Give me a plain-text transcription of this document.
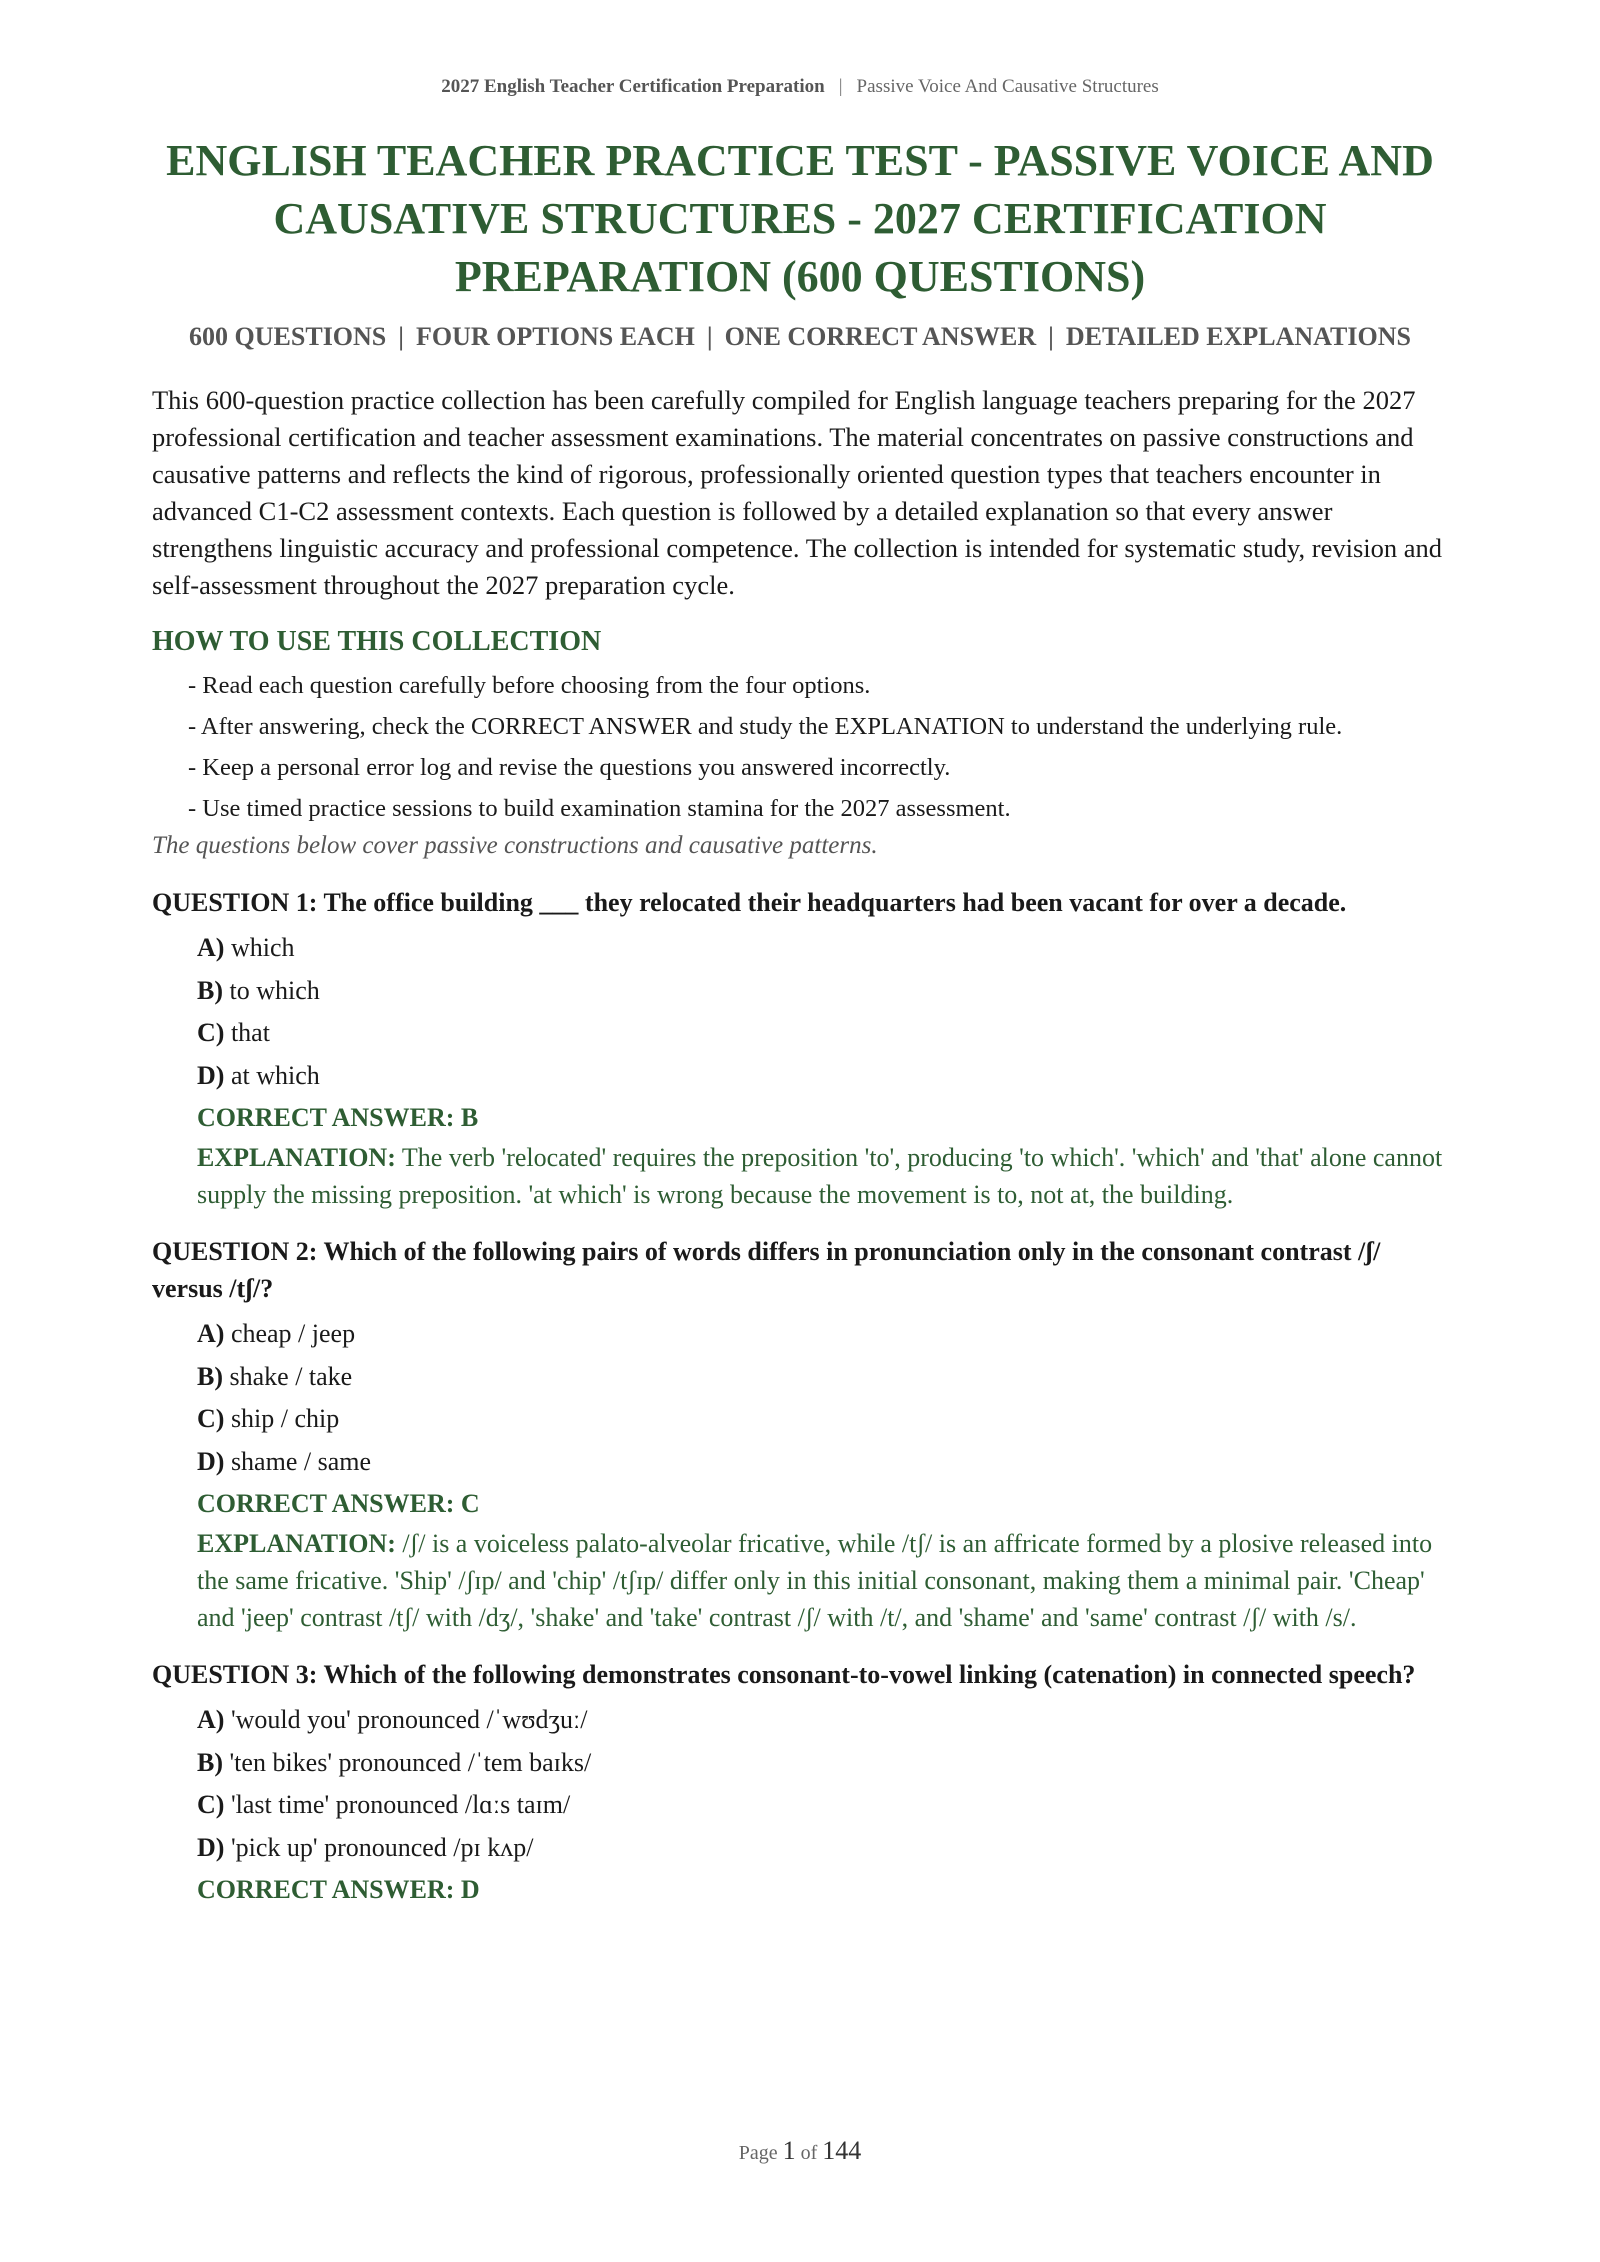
2027 English Teacher Certification Preparation | Passive Voice And Causative Structures
ENGLISH TEACHER PRACTICE TEST - PASSIVE VOICE AND CAUSATIVE STRUCTURES - 2027 CERTIFICATION PREPARATION (600 QUESTIONS)
600 QUESTIONS | FOUR OPTIONS EACH | ONE CORRECT ANSWER | DETAILED EXPLANATIONS

This 600-question practice collection has been carefully compiled for English language teachers preparing for the 2027 professional certification and teacher assessment examinations. The material concentrates on passive constructions and causative patterns and reflects the kind of rigorous, professionally oriented question types that teachers encounter in advanced C1-C2 assessment contexts. Each question is followed by a detailed explanation so that every answer strengthens linguistic accuracy and professional competence. The collection is intended for systematic study, revision and self-assessment throughout the 2027 preparation cycle.

HOW TO USE THIS COLLECTION
- Read each question carefully before choosing from the four options.
- After answering, check the CORRECT ANSWER and study the EXPLANATION to understand the underlying rule.
- Keep a personal error log and revise the questions you answered incorrectly.
- Use timed practice sessions to build examination stamina for the 2027 assessment.

The questions below cover passive constructions and causative patterns.

QUESTION 1: The office building ___ they relocated their headquarters had been vacant for over a decade.

A) which
B) to which
C) that
D) at which
CORRECT ANSWER: B
EXPLANATION: The verb 'relocated' requires the preposition 'to', producing 'to which'. 'which' and 'that' alone cannot supply the missing preposition. 'at which' is wrong because the movement is to, not at, the building.

QUESTION 2: Which of the following pairs of words differs in pronunciation only in the consonant contrast /ʃ/ versus /tʃ/?

A) cheap / jeep
B) shake / take
C) ship / chip
D) shame / same
CORRECT ANSWER: C
EXPLANATION: /ʃ/ is a voiceless palato-alveolar fricative, while /tʃ/ is an affricate formed by a plosive released into the same fricative. 'Ship' /ʃɪp/ and 'chip' /tʃɪp/ differ only in this initial consonant, making them a minimal pair. 'Cheap' and 'jeep' contrast /tʃ/ with /dʒ/, 'shake' and 'take' contrast /ʃ/ with /t/, and 'shame' and 'same' contrast /ʃ/ with /s/.

QUESTION 3: Which of the following demonstrates consonant-to-vowel linking (catenation) in connected speech?

A) 'would you' pronounced /ˈwʊdʒuː/
B) 'ten bikes' pronounced /ˈtem baɪks/
C) 'last time' pronounced /lɑːs taɪm/
D) 'pick up' pronounced /pɪ kʌp/
CORRECT ANSWER: D
Page 1 of 144
